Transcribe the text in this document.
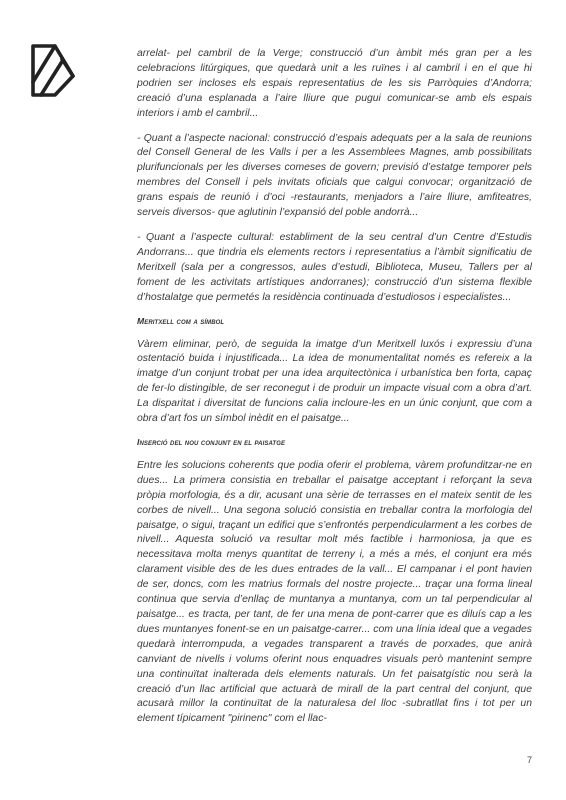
arrelat- pel cambril de la Verge; construcció d’un àmbit més gran per a les celebracions litúrgiques, que quedarà unit a les ruïnes i al cambril i en el que hi podrien ser incloses els espais representatius de les sis Parròquies d’Andorra; creació d’una esplanada a l’aire lliure que pugui comunicar-se amb els espais interiors i amb el cambril...

- Quant a l’aspecte nacional: construcció d’espais adequats per a la sala de reunions del Consell General de les Valls i per a les Assemblees Magnes, amb possibilitats plurifuncionals per les diverses comeses de govern; previsió d’estatge temporer pels membres del Consell i pels invitats oficials que calgui convocar; organització de grans espais de reunió i d’oci -restaurants, menjadors a l’aire lliure, amfiteatres, serveis diversos- que aglutinin l’expansió del poble andorrà...

- Quant a l’aspecte cultural: establiment de la seu central d’un Centre d’Estudis Andorrans... que tindria els elements rectors i representatius a l’àmbit significatiu de Meritxell (sala per a congressos, aules d’estudi, Biblioteca, Museu, Tallers per al foment de les activitats artístiques andorranes); construcció d’un sistema flexible d’hostalatge que permetés la residència continuada d’estudiosos i especialistes...

Meritxell com a símbol

Vàrem eliminar, però, de seguida la imatge d’un Meritxell luxós i expressiu d’una ostentació buida i injustificada... La idea de monumentalitat només es refereix a la imatge d’un conjunt trobat per una idea arquitectònica i urbanística ben forta, capaç de fer-lo distingible, de ser reconegut i de produir un impacte visual com a obra d’art. La disparitat i diversitat de funcions calia incloure-les en un únic conjunt, que com a obra d’art fos un símbol inèdit en el paisatge...

Inserció del nou conjunt en el paisatge

Entre les solucions coherents que podia oferir el problema, vàrem profunditzar-ne en dues... La primera consistia en treballar el paisatge acceptant i reforçant la seva pròpia morfologia, és a dir, acusant una sèrie de terrasses en el mateix sentit de les corbes de nivell... Una segona solució consistia en treballar contra la morfologia del paisatge, o sigui, traçant un edifici que s’enfrontés perpendicularment a les corbes de nivell... Aquesta solució va resultar molt més factible i harmoniosa, ja que es necessitava molta menys quantitat de terreny i, a més a més, el conjunt era més clarament visible des de les dues entrades de la vall... El campanar i el pont havien de ser, doncs, com les matrius formals del nostre projecte... traçar una forma lineal continua que servia d’enllaç de muntanya a muntanya, com un tal perpendicular al paisatge... es tracta, per tant, de fer una mena de pont-carrer que es diluís cap a les dues muntanyes fonent-se en un paisatge-carrer... com una línia ideal que a vegades quedarà interrompuda, a vegades transparent a través de porxades, que anirà canviant de nivells i volums oferint nous enquadres visuals però mantenint sempre una continuïtat inalterada dels elements naturals. Un fet paisatgístic nou serà la creació d’un llac artificial que actuarà de mirall de la part central del conjunt, que acusarà millor la continuïtat de la naturalesa del lloc -subratllat fins i tot per un element típicament "pirinenc" com el llac-

7
